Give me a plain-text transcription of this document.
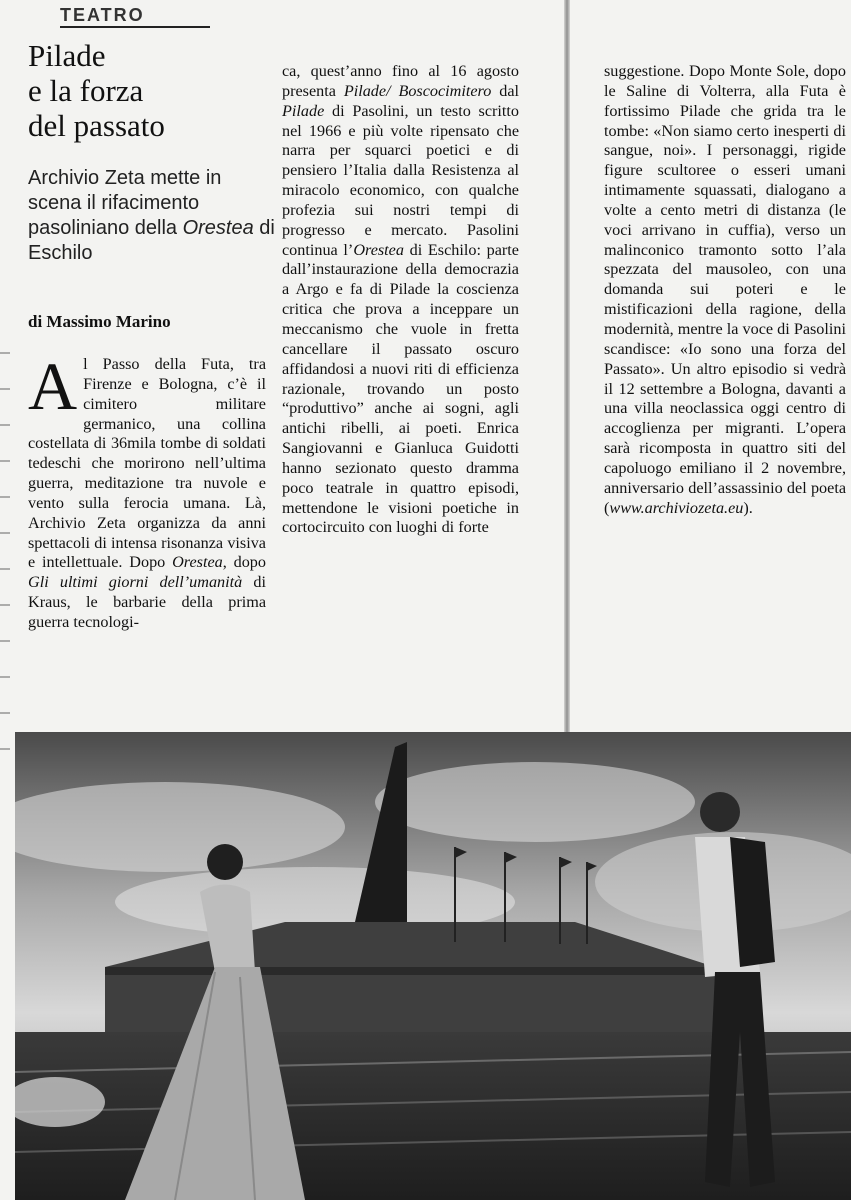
TEATRO
Pilade
e la forza
del passato

Archivio Zeta mette in scena il rifacimento pasoliniano della Orestea di Eschilo

di Massimo Marino

Al Passo della Futa, tra Firenze e Bologna, c’è il cimitero militare germanico, una collina costellata di 36mila tombe di soldati tedeschi che morirono nell’ultima guerra, meditazione tra nuvole e vento sulla ferocia umana. Là, Archivio Zeta organizza da anni spettacoli di intensa risonanza visiva e intellettuale. Dopo Orestea, dopo Gli ultimi giorni dell’umanità di Kraus, le barbarie della prima guerra tecnologi-

ca, quest’anno fino al 16 agosto presenta Pilade/ Boscocimitero dal Pilade di Pasolini, un testo scritto nel 1966 e più volte ripensato che narra per squarci poetici e di pensiero l’Italia dalla Resistenza al miracolo economico, con qualche profezia sui nostri tempi di progresso e mercato. Pasolini continua l’Orestea di Eschilo: parte dall’instaurazione della democrazia a Argo e fa di Pilade la coscienza critica che prova a inceppare un meccanismo che vuole in fretta cancellare il passato oscuro affidandosi a nuovi riti di efficienza razionale, trovando un posto “produttivo” anche ai sogni, agli antichi ribelli, ai poeti. Enrica Sangiovanni e Gianluca Guidotti hanno sezionato questo dramma poco teatrale in quattro episodi, mettendone le visioni poetiche in cortocircuito con luoghi di forte

suggestione. Dopo Monte Sole, dopo le Saline di Volterra, alla Futa è fortissimo Pilade che grida tra le tombe: «Non siamo certo inesperti di sangue, noi». I personaggi, rigide figure scultoree o esseri umani intimamente squassati, dialogano a volte a cento metri di distanza (le voci arrivano in cuffia), verso un malinconico tramonto sotto l’ala spezzata del mausoleo, con una domanda sui poteri e le mistificazioni della ragione, della modernità, mentre la voce di Pasolini scandisce: «Io sono una forza del Passato». Un altro episodio si vedrà il 12 settembre a Bologna, davanti a una villa neoclassica oggi centro di accoglienza per migranti. L’opera sarà ricomposta in quattro siti del capoluogo emiliano il 2 novembre, anniversario dell’assassinio del poeta (www.archiviozeta.eu).
